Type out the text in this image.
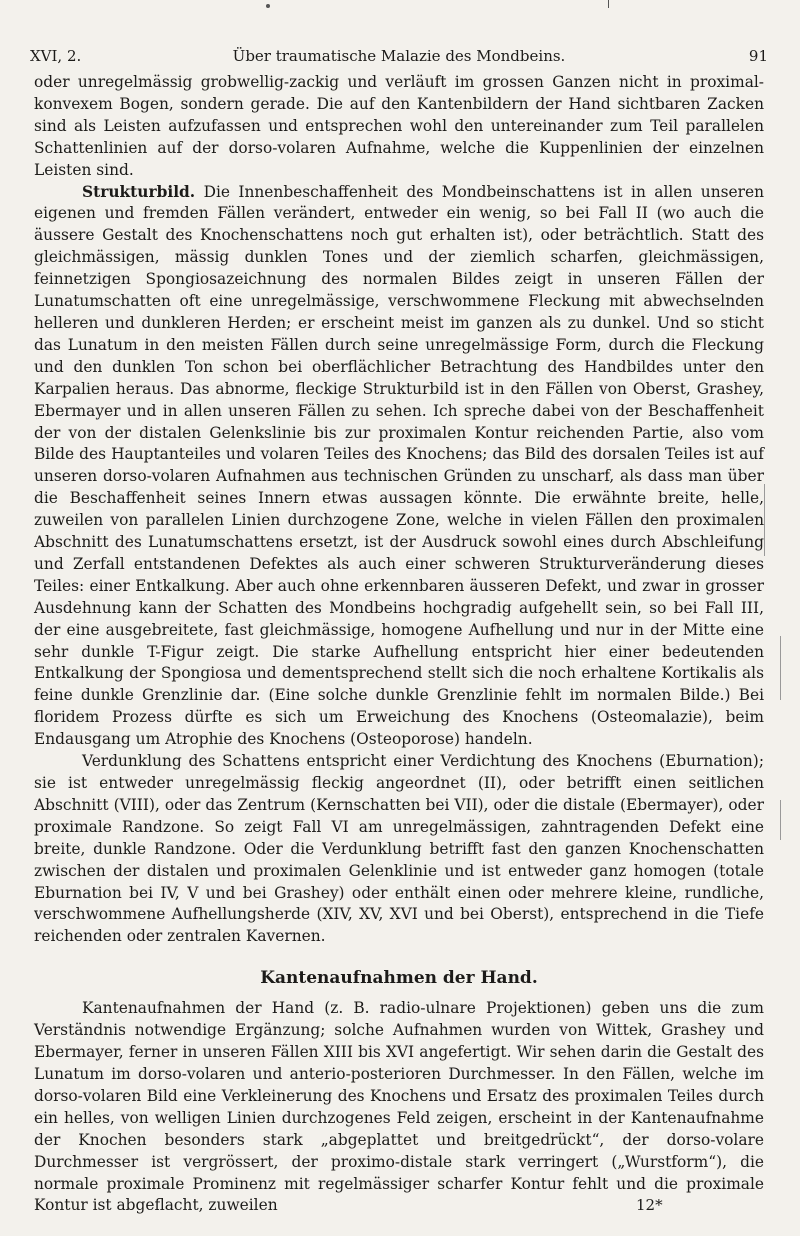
XVI, 2.	Über traumatische Malazie des Mondbeins.	91

oder unregelmässig grobwellig-zackig und verläuft im grossen Ganzen nicht in proximal-konvexem Bogen, sondern gerade. Die auf den Kantenbildern der Hand sichtbaren Zacken sind als Leisten aufzufassen und entsprechen wohl den untereinander zum Teil parallelen Schattenlinien auf der dorso-volaren Aufnahme, welche die Kuppenlinien der einzelnen Leisten sind.

Strukturbild. Die Innenbeschaffenheit des Mondbeinschattens ist in allen unseren eigenen und fremden Fällen verändert, entweder ein wenig, so bei Fall II (wo auch die äussere Gestalt des Knochenschattens noch gut erhalten ist), oder beträchtlich. Statt des gleichmässigen, mässig dunklen Tones und der ziemlich scharfen, gleichmässigen, feinnetzigen Spongiosazeichnung des normalen Bildes zeigt in unseren Fällen der Lunatumschatten oft eine unregelmässige, verschwommene Fleckung mit abwechselnden helleren und dunkleren Herden; er erscheint meist im ganzen als zu dunkel. Und so sticht das Lunatum in den meisten Fällen durch seine unregelmässige Form, durch die Fleckung und den dunklen Ton schon bei oberflächlicher Betrachtung des Handbildes unter den Karpalien heraus. Das abnorme, fleckige Strukturbild ist in den Fällen von Oberst, Grashey, Ebermayer und in allen unseren Fällen zu sehen. Ich spreche dabei von der Beschaffenheit der von der distalen Gelenkslinie bis zur proximalen Kontur reichenden Partie, also vom Bilde des Hauptanteiles und volaren Teiles des Knochens; das Bild des dorsalen Teiles ist auf unseren dorso-volaren Aufnahmen aus technischen Gründen zu unscharf, als dass man über die Beschaffenheit seines Innern etwas aussagen könnte. Die erwähnte breite, helle, zuweilen von parallelen Linien durchzogene Zone, welche in vielen Fällen den proximalen Abschnitt des Lunatumschattens ersetzt, ist der Ausdruck sowohl eines durch Abschleifung und Zerfall entstandenen Defektes als auch einer schweren Strukturveränderung dieses Teiles: einer Entkalkung. Aber auch ohne erkennbaren äusseren Defekt, und zwar in grosser Ausdehnung kann der Schatten des Mondbeins hochgradig aufgehellt sein, so bei Fall III, der eine ausgebreitete, fast gleichmässige, homogene Aufhellung und nur in der Mitte eine sehr dunkle T-Figur zeigt. Die starke Aufhellung entspricht hier einer bedeutenden Entkalkung der Spongiosa und dementsprechend stellt sich die noch erhaltene Kortikalis als feine dunkle Grenzlinie dar. (Eine solche dunkle Grenzlinie fehlt im normalen Bilde.) Bei floridem Prozess dürfte es sich um Erweichung des Knochens (Osteomalazie), beim Endausgang um Atrophie des Knochens (Osteoporose) handeln.

Verdunklung des Schattens entspricht einer Verdichtung des Knochens (Eburnation); sie ist entweder unregelmässig fleckig angeordnet (II), oder betrifft einen seitlichen Abschnitt (VIII), oder das Zentrum (Kernschatten bei VII), oder die distale (Ebermayer), oder proximale Randzone. So zeigt Fall VI am unregelmässigen, zahntragenden Defekt eine breite, dunkle Randzone. Oder die Verdunklung betrifft fast den ganzen Knochenschatten zwischen der distalen und proximalen Gelenklinie und ist entweder ganz homogen (totale Eburnation bei IV, V und bei Grashey) oder enthält einen oder mehrere kleine, rundliche, verschwommene Aufhellungsherde (XIV, XV, XVI und bei Oberst), entsprechend in die Tiefe reichenden oder zentralen Kavernen.

Kantenaufnahmen der Hand.

Kantenaufnahmen der Hand (z. B. radio-ulnare Projektionen) geben uns die zum Verständnis notwendige Ergänzung; solche Aufnahmen wurden von Wittek, Grashey und Ebermayer, ferner in unseren Fällen XIII bis XVI angefertigt. Wir sehen darin die Gestalt des Lunatum im dorso-volaren und anterio-posterioren Durchmesser. In den Fällen, welche im dorso-volaren Bild eine Verkleinerung des Knochens und Ersatz des proximalen Teiles durch ein helles, von welligen Linien durchzogenes Feld zeigen, erscheint in der Kantenaufnahme der Knochen besonders stark „abgeplattet und breitgedrückt“, der dorso-volare Durchmesser ist vergrössert, der proximo-distale stark verringert („Wurstform“), die normale proximale Prominenz mit regelmässiger scharfer Kontur fehlt und die proximale Kontur ist abgeflacht, zuweilen	12*
